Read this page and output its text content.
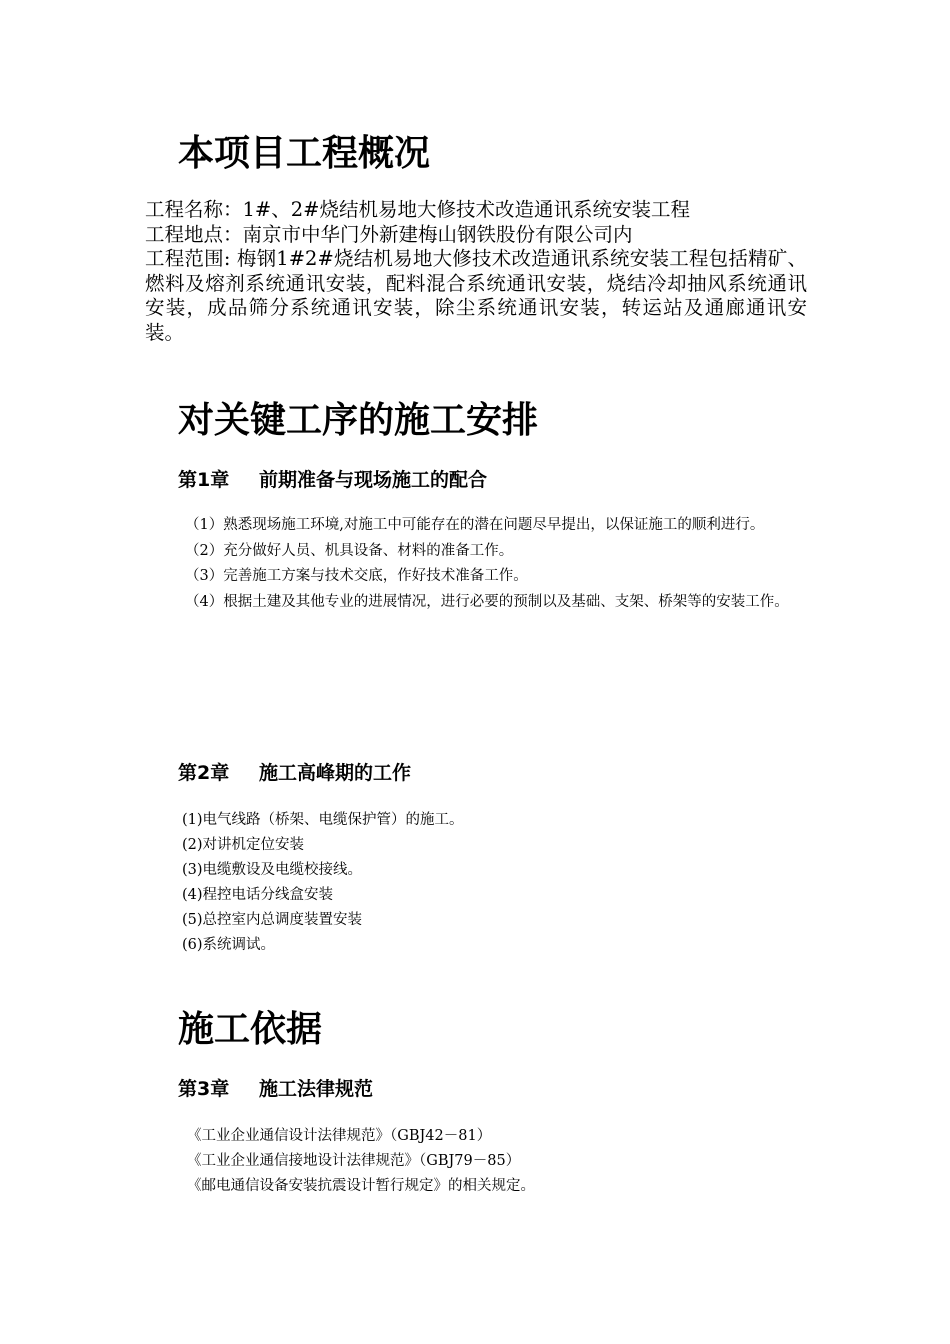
本项目工程概况
工程名称：1#、2#烧结机易地大修技术改造通讯系统安装工程
工程地点：南京市中华门外新建梅山钢铁股份有限公司内
工程范围: 梅钢1#2#烧结机易地大修技术改造通讯系统安装工程包括精矿、燃料及熔剂系统通讯安装，配料混合系统通讯安装，烧结冷却抽风系统通讯安装，成品筛分系统通讯安装，除尘系统通讯安装，转运站及通廊通讯安装。
对关键工序的施工安排
第1章 前期准备与现场施工的配合
（1）熟悉现场施工环境,对施工中可能存在的潜在问题尽早提出，以保证施工的顺利进行。
（2）充分做好人员、机具设备、材料的准备工作。
（3）完善施工方案与技术交底，作好技术准备工作。
（4）根据土建及其他专业的进展情况，进行必要的预制以及基础、支架、桥架等的安装工作。
第2章 施工高峰期的工作
(1)电气线路（桥架、电缆保护管）的施工。
(2)对讲机定位安装
(3)电缆敷设及电缆校接线。
(4)程控电话分线盒安装
(5)总控室内总调度装置安装
(6)系统调试。
施工依据
第3章 施工法律规范
《工业企业通信设计法律规范》（GBJ42－81）
《工业企业通信接地设计法律规范》（GBJ79－85）
《邮电通信设备安装抗震设计暂行规定》的相关规定。
